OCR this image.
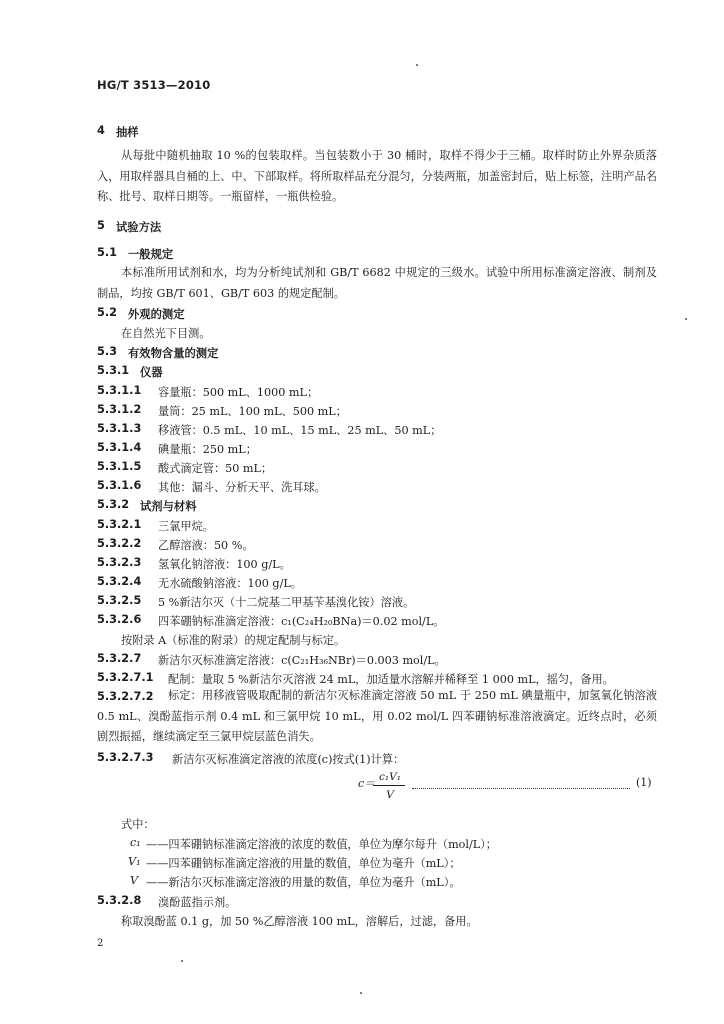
HG/T 3513—2010
4 抽样
从每批中随机抽取 10 %的包装取样。当包装数小于 30 桶时，取样不得少于三桶。取样时防止外界杂质落入，用取样器具自桶的上、中、下部取样。将所取样品充分混匀，分装两瓶，加盖密封后，贴上标签，注明产品名称、批号、取样日期等。一瓶留样，一瓶供检验。
5 试验方法
5.1 一般规定
本标准所用试剂和水，均为分析纯试剂和 GB/T 6682 中规定的三级水。试验中所用标准滴定溶液、制剂及制品，均按 GB/T 601、GB/T 603 的规定配制。
5.2 外观的测定
在自然光下目测。
5.3 有效物含量的测定
5.3.1 仪器
5.3.1.1 容量瓶：500 mL、1000 mL；
5.3.1.2 量筒：25 mL、100 mL、500 mL；
5.3.1.3 移液管：0.5 mL、10 mL、15 mL、25 mL、50 mL；
5.3.1.4 碘量瓶：250 mL；
5.3.1.5 酸式滴定管：50 mL；
5.3.1.6 其他：漏斗、分析天平、洗耳球。
5.3.2 试剂与材料
5.3.2.1 三氯甲烷。
5.3.2.2 乙醇溶液：50 %。
5.3.2.3 氢氧化钠溶液：100 g/L。
5.3.2.4 无水硫酸钠溶液：100 g/L。
5.3.2.5 5 %新洁尔灭（十二烷基二甲基苄基溴化铵）溶液。
5.3.2.6 四苯硼钠标准滴定溶液：c₁(C₂₄H₂₀BNa)＝0.02 mol/L。
按附录 A（标准的附录）的规定配制与标定。
5.3.2.7 新洁尔灭标准滴定溶液：c(C₂₁H₃₆NBr)＝0.003 mol/L。
5.3.2.7.1 配制：量取 5 %新洁尔灭溶液 24 mL，加适量水溶解并稀释至 1 000 mL，摇匀，备用。
5.3.2.7.2	标定：用移液管吸取配制的新洁尔灭标准滴定溶液 50 mL 于 250 mL 碘量瓶中，加氢氧化钠溶液 0.5 mL、溴酚蓝指示剂 0.4 mL 和三氯甲烷 10 mL，用 0.02 mol/L 四苯硼钠标准溶液滴定。近终点时，必须剧烈振摇，继续滴定至三氯甲烷层蓝色消失。
5.3.2.7.3 新洁尔灭标准滴定溶液的浓度(c)按式(1)计算：
c＝ c₁V₁
V
(1)
式中：
c₁ ——四苯硼钠标准滴定溶液的浓度的数值，单位为摩尔每升（mol/L）；
V₁ ——四苯硼钠标准滴定溶液的用量的数值，单位为毫升（mL）；
V ——新洁尔灭标准滴定溶液的用量的数值，单位为毫升（mL）。
5.3.2.8 溴酚蓝指示剂。
称取溴酚蓝 0.1 g，加 50 %乙醇溶液 100 mL，溶解后，过滤，备用。
2
